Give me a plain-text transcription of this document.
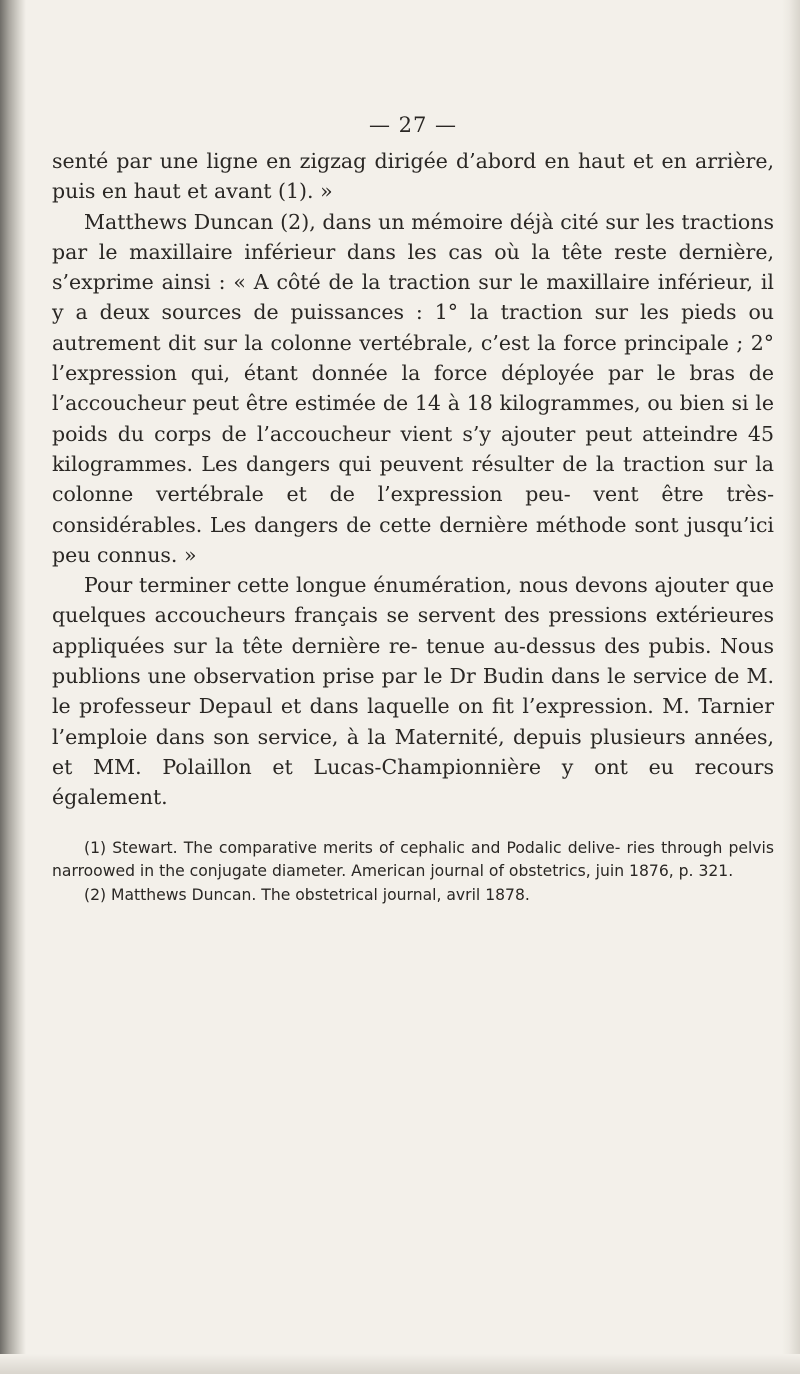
— 27 —

senté par une ligne en zigzag dirigée d’abord en haut et en arrière, puis en haut et avant (1). »

Matthews Duncan (2), dans un mémoire déjà cité sur les tractions par le maxillaire inférieur dans les cas où la tête reste dernière, s’exprime ainsi : « A côté de la traction sur le maxillaire inférieur, il y a deux sources de puissances : 1° la traction sur les pieds ou autrement dit sur la colonne vertébrale, c’est la force principale ; 2° l’expression qui, étant donnée la force déployée par le bras de l’accoucheur peut être estimée de 14 à 18 kilogrammes, ou bien si le poids du corps de l’accoucheur vient s’y ajouter peut atteindre 45 kilogrammes. Les dangers qui peuvent résulter de la traction sur la colonne vertébrale et de l’expression peu- vent être très-considérables. Les dangers de cette dernière méthode sont jusqu’ici peu connus. »

Pour terminer cette longue énumération, nous devons ajouter que quelques accoucheurs français se servent des pressions extérieures appliquées sur la tête dernière re- tenue au-dessus des pubis. Nous publions une observation prise par le Dr Budin dans le service de M. le professeur Depaul et dans laquelle on fit l’expression. M. Tarnier l’emploie dans son service, à la Maternité, depuis plusieurs années, et MM. Polaillon et Lucas-Championnière y ont eu recours également.

(1) Stewart. The comparative merits of cephalic and Podalic delive- ries through pelvis narroowed in the conjugate diameter. American journal of obstetrics, juin 1876, p. 321.

(2) Matthews Duncan. The obstetrical journal, avril 1878.
